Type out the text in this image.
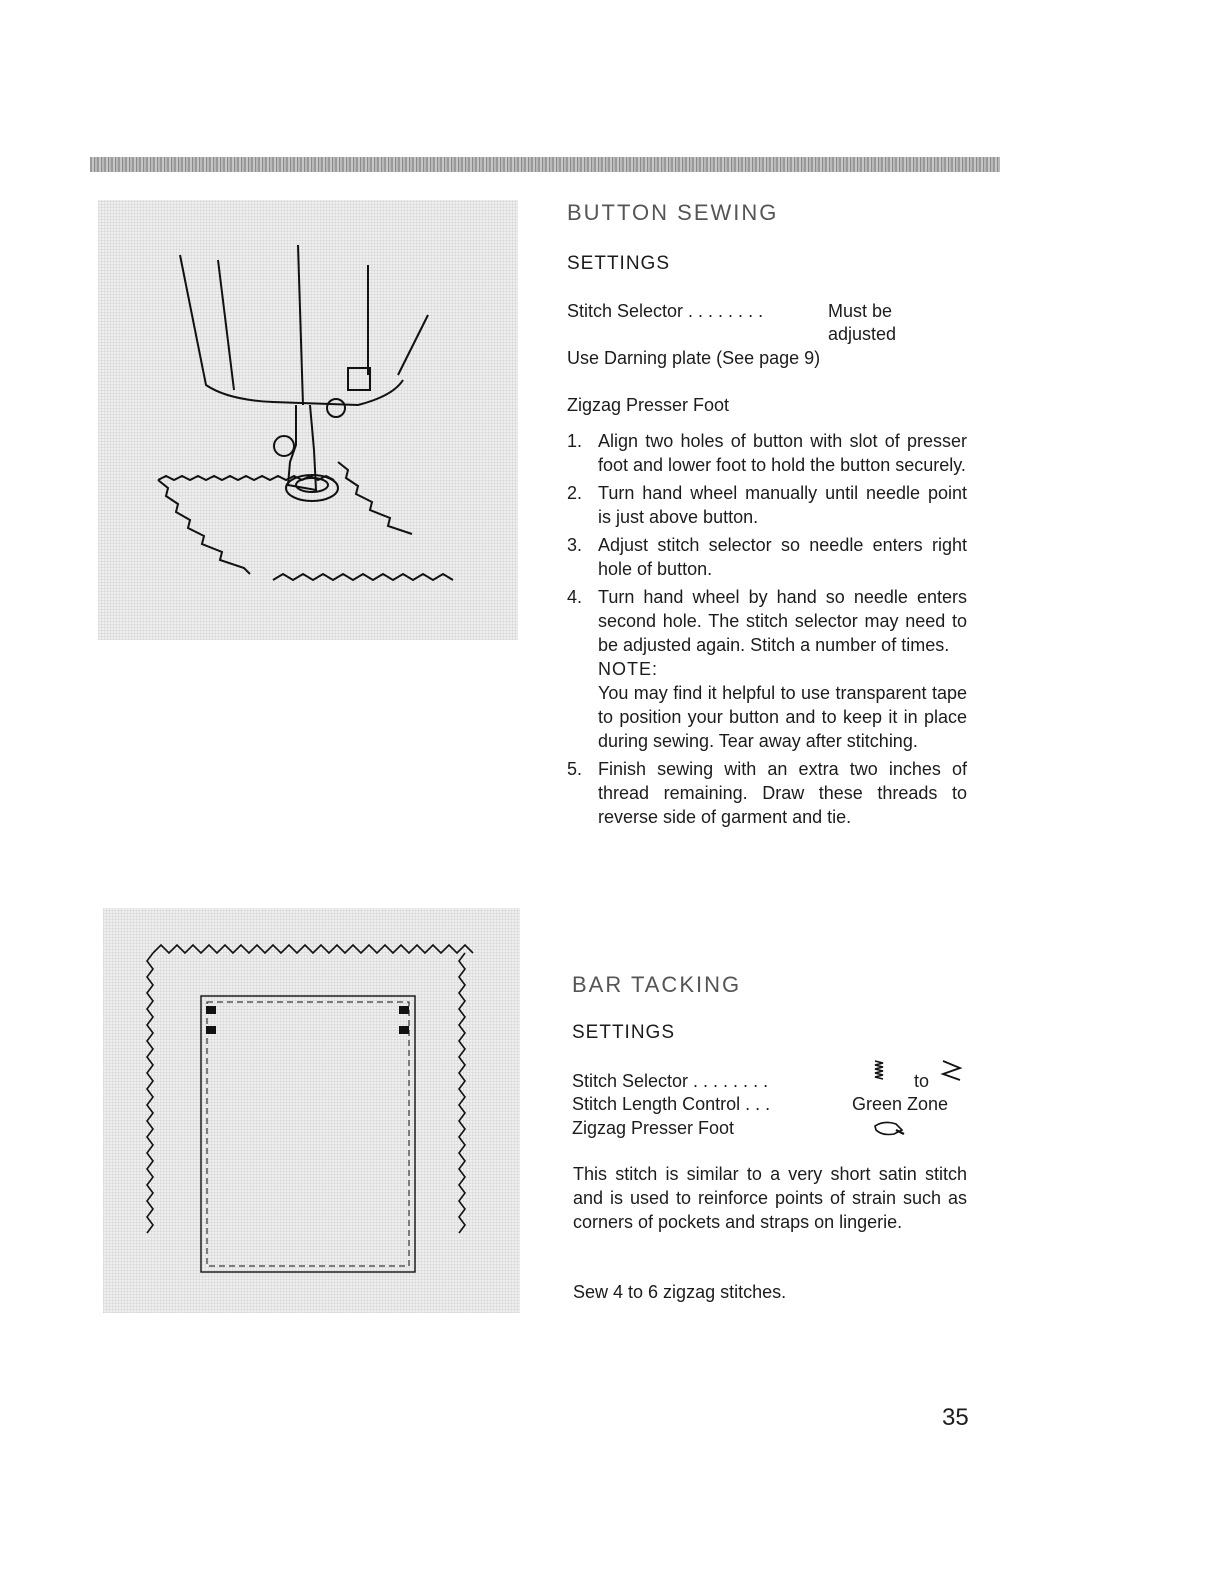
BUTTON SEWING
SETTINGS
Stitch Selector . . . . . . . .	Must be
adjusted
Use Darning plate (See page 9)
Zigzag Presser Foot
1. Align two holes of button with slot of presser foot and lower foot to hold the button securely.
2. Turn hand wheel manually until needle point is just above button.
3. Adjust stitch selector so needle enters right hole of button.
4. Turn hand wheel by hand so needle enters second hole. The stitch selector may need to be adjusted again. Stitch a number of times.
NOTE:
You may find it helpful to use transparent tape to position your button and to keep it in place during sewing. Tear away after stitching.
5. Finish sewing with an extra two inches of thread remaining. Draw these threads to reverse side of garment and tie.
BAR TACKING
SETTINGS
Stitch Selector . . . . . . . .	to
Stitch Length Control . . .	Green Zone
Zigzag Presser Foot
This stitch is similar to a very short satin stitch and is used to reinforce points of strain such as corners of pockets and straps on lingerie.
Sew 4 to 6 zigzag stitches.
35
